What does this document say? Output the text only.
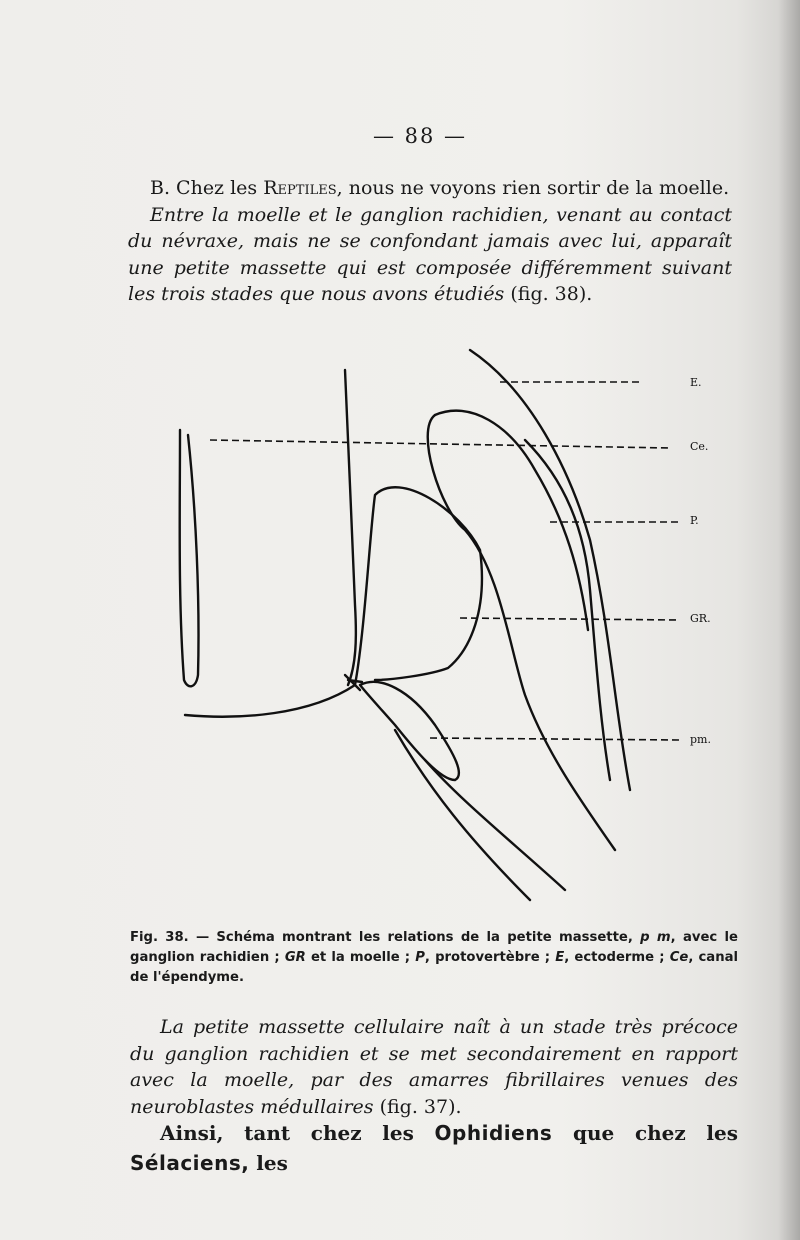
— 88 —
B. Chez les Reptiles, nous ne voyons rien sortir de la moelle.
Entre la moelle et le ganglion rachidien, venant au contact du névraxe, mais ne se confondant jamais avec lui, apparaît une petite massette qui est composée différemment suivant les trois stades que nous avons étudiés (fig. 38).
E.
Ce.
P.
GR.
pm.
Fig. 38. — Schéma montrant les relations de la petite massette, p m, avec le ganglion rachidien ; GR et la moelle ; P, protovertèbre ; E, ectoderme ; Ce, canal de l'épendyme.
La petite massette cellulaire naît à un stade très précoce du ganglion rachidien et se met secondairement en rapport avec la moelle, par des amarres fibrillaires venues des neuroblastes médullaires (fig. 37).
Ainsi, tant chez les Ophidiens que chez les Sélaciens, les
